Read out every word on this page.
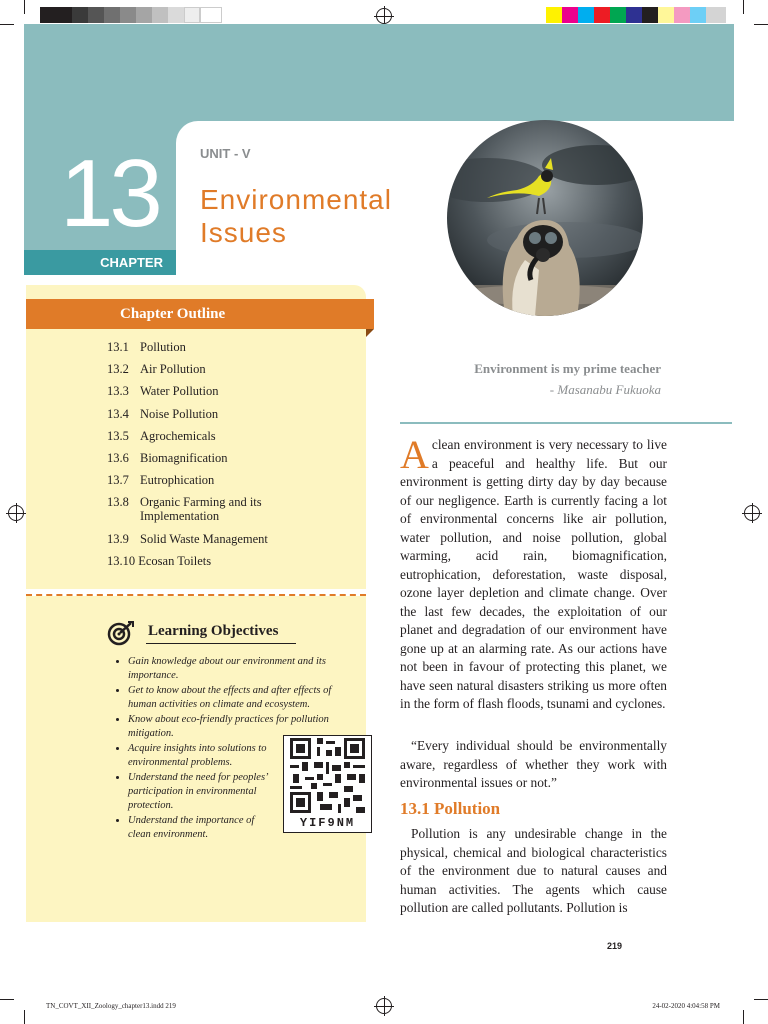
13
CHAPTER
UNIT - V
Environmental
Issues
Environment is my prime teacher
- Masanabu Fukuoka
Chapter Outline
13.1 Pollution
13.2 Air Pollution
13.3 Water Pollution
13.4 Noise Pollution
13.5 Agrochemicals
13.6 Biomagnification
13.7 Eutrophication
13.8 Organic Farming and its Implementation
13.9 Solid Waste Management
13.10 Ecosan Toilets
Learning Objectives
• Gain knowledge about our environment and its importance.
• Get to know about the effects and after effects of human activities on climate and ecosystem.
• Know about eco-friendly practices for pollution mitigation.
• Acquire insights into solutions to environmental problems.
• Understand the need for peoples’ participation in environmental protection.
• Understand the importance of clean environment.
YIF9NM
Aclean environment is very necessary to live a peaceful and healthy life. But our environment is getting dirty day by day because of our negligence. Earth is currently facing a lot of environmental concerns like air pollution, water pollution, and noise pollution, global warming, acid rain, biomagnification, eutrophication, deforestation, waste disposal, ozone layer depletion and climate change. Over the last few decades, the exploitation of our planet and degradation of our environment have gone up at an alarming rate. As our actions have not been in favour of protecting this planet, we have seen natural disasters striking us more often in the form of flash floods, tsunami and cyclones.
“Every individual should be environmentally aware, regardless of whether they work with environmental issues or not.”
13.1 Pollution
Pollution is any undesirable change in the physical, chemical and biological characteristics of the environment due to natural causes and human activities. The agents which cause pollution are called pollutants. Pollution is
219
TN_COVT_XII_Zoology_chapter13.indd 219	24-02-2020 4:04:58 PM
